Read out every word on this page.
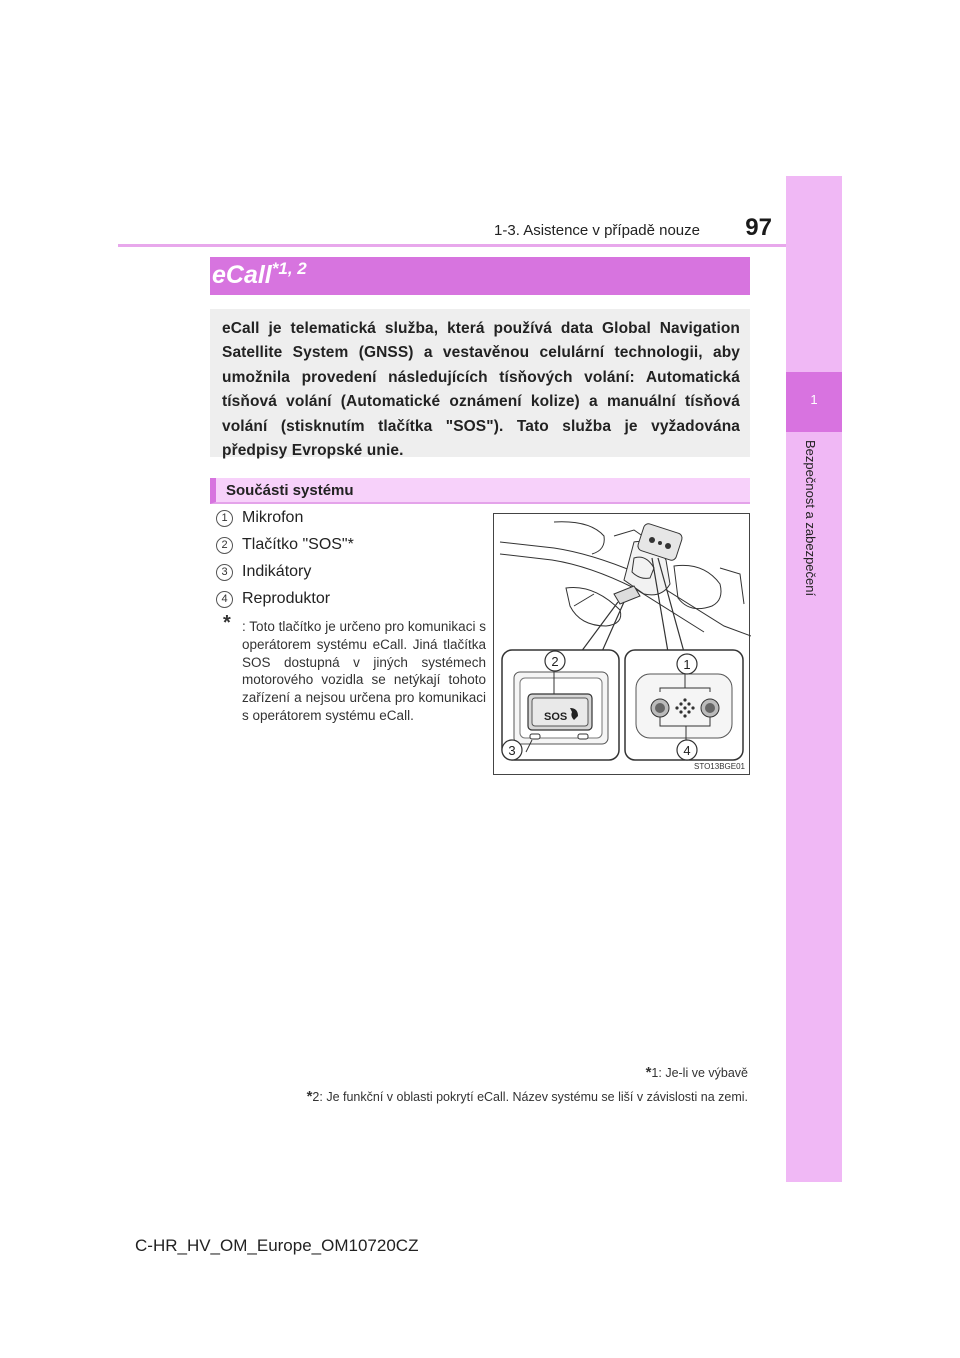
1-3. Asistence v případě nouze	97
1
Bezpečnost a zabezpečení
eCall$^{*1, 2}$

eCall je telematická služba, která používá data Global Navigation Satellite System (GNSS) a vestavěnou celulární technologii, aby umožnila provedení následujících tísňových volání: Automatická tísňová volání (Automatické oznámení kolize) a manuální tísňová volání (stisknutím tlačítka "SOS"). Tato služba je vyžadována předpisy Evropské unie.

Součásti systému
1 Mikrofon
2 Tlačítko "SOS"*
3 Indikátory
4 Reproduktor
* : Toto tlačítko je určeno pro komunikaci s operátorem systému eCall. Jiná tlačítka SOS dostupná v jiných systémech motorového vozidla se netýkají tohoto zařízení a nejsou určena pro komunikaci s operátorem systému eCall.	SOS
2
3
1
4
STO13BGE01
*1: Je-li ve výbavě
*2: Je funkční v oblasti pokrytí eCall. Název systému se liší v závislosti na zemi.
C-HR_HV_OM_Europe_OM10720CZ
